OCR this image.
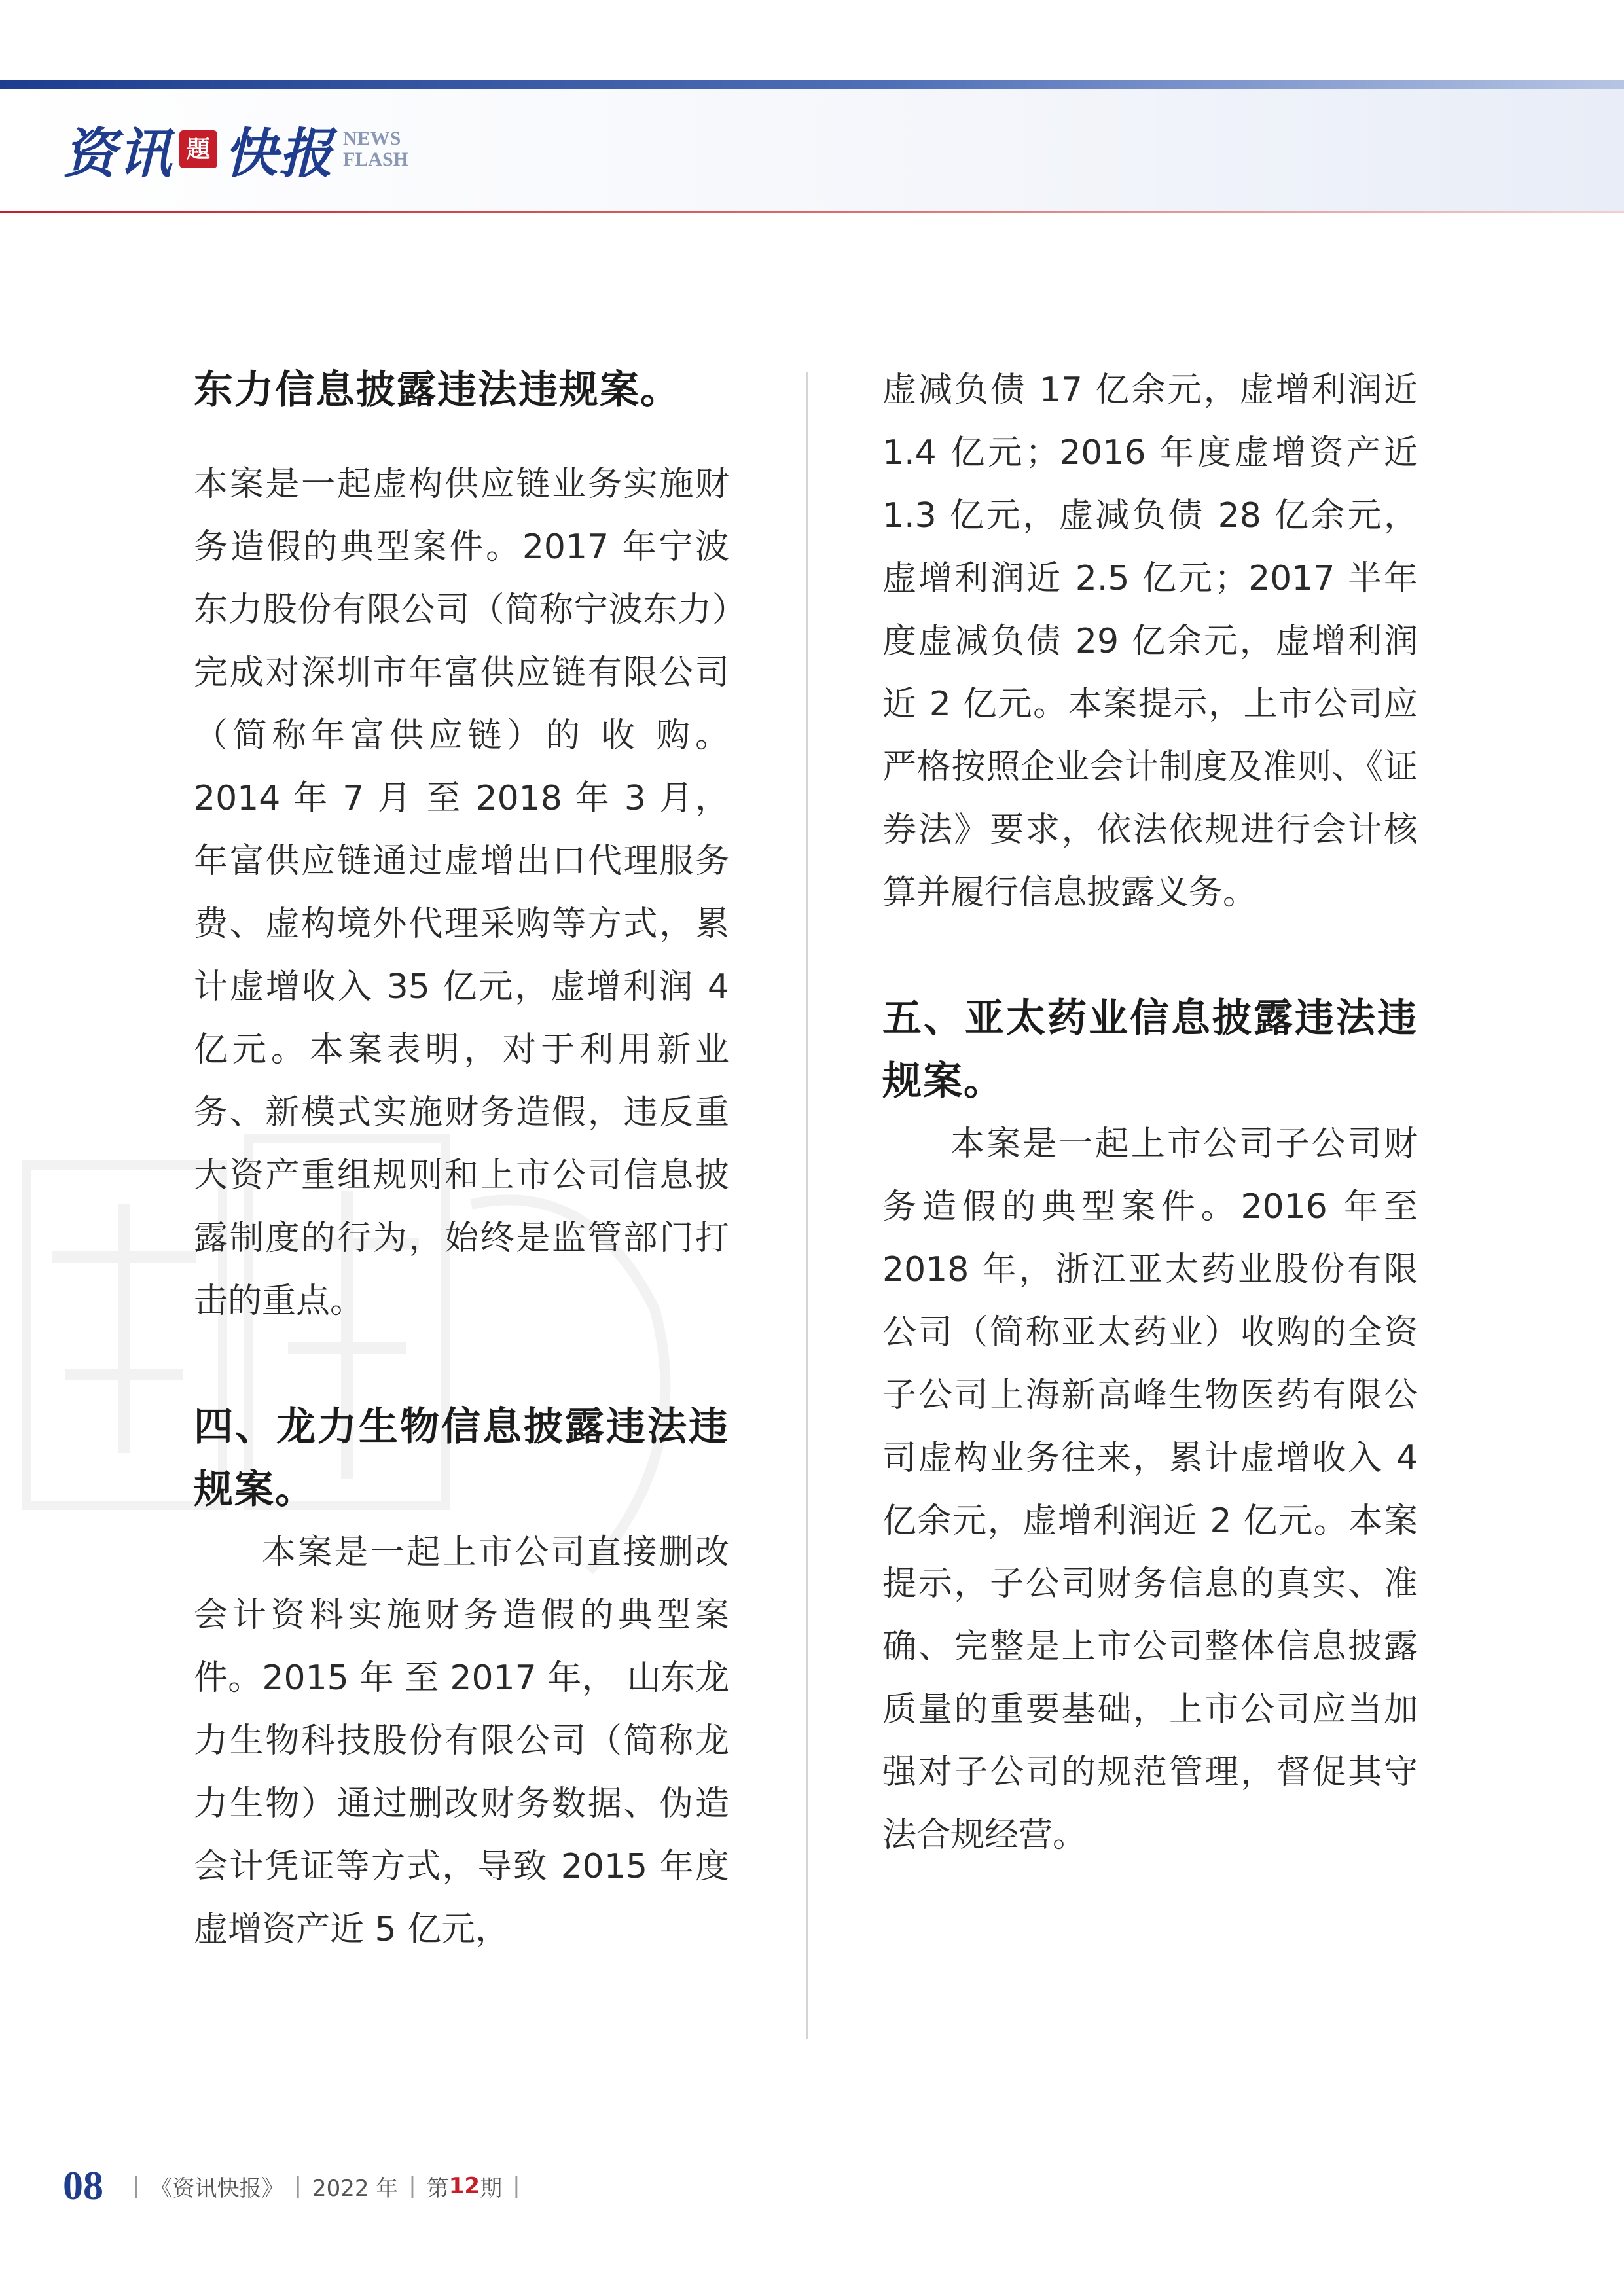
资讯 題 快报 NEWS
FLASH
东力信息披露违法违规案。

本案是一起虚构供应链业务实施财务造假的典型案件。2017 年宁波东力股份有限公司（简称宁波东力）完成对深圳市年富供应链有限公司（简称年富供应链）的 收 购。2014 年 7 月 至 2018 年 3 月，年富供应链通过虚增出口代理服务费、虚构境外代理采购等方式，累计虚增收入 35 亿元，虚增利润 4 亿元。本案表明，对于利用新业务、新模式实施财务造假，违反重大资产重组规则和上市公司信息披露制度的行为，始终是监管部门打击的重点。

四、龙力生物信息披露违法违规案。

本案是一起上市公司直接删改会计资料实施财务造假的典型案 件。2015 年 至 2017 年， 山东龙力生物科技股份有限公司（简称龙力生物）通过删改财务数据、伪造会计凭证等方式，导致 2015 年度虚增资产近 5 亿元，

虚减负债 17 亿余元，虚增利润近 1.4 亿元；2016 年度虚增资产近 1.3 亿元，虚减负债 28 亿余元，虚增利润近 2.5 亿元；2017 半年度虚减负债 29 亿余元，虚增利润近 2 亿元。本案提示，上市公司应严格按照企业会计制度及准则、《证券法》要求，依法依规进行会计核算并履行信息披露义务。

五、亚太药业信息披露违法违规案。

本案是一起上市公司子公司财务造假的典型案件。2016 年至 2018 年，浙江亚太药业股份有限公司（简称亚太药业）收购的全资子公司上海新高峰生物医药有限公司虚构业务往来，累计虚增收入 4 亿余元，虚增利润近 2 亿元。本案提示，子公司财务信息的真实、准确、完整是上市公司整体信息披露质量的重要基础，上市公司应当加强对子公司的规范管理，督促其守法合规经营。

08 | 《资讯快报》 | 2022 年 | 第 12 期 |
